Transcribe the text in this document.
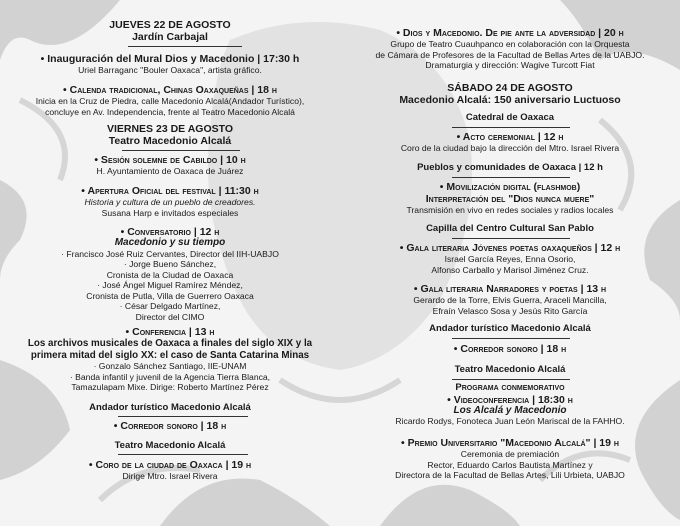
JUEVES 22 DE AGOSTO
Jardín Carbajal
• Inauguración del Mural Dios y Macedonio | 17:30 h
Uriel Barraganc "Bouler Oaxaca", artista gráfico.
• Calenda tradicional, Chinas Oaxaqueñas | 18 h
Inicia en la Cruz de Piedra, calle Macedonio Alcalá(Andador Turístico),
concluye en Av. Independencia, frente al Teatro Macedonio Alcalá
VIERNES 23 DE AGOSTO
Teatro Macedonio Alcalá
• Sesión solemne de Cabildo | 10 h
H. Ayuntamiento de Oaxaca de Juárez
• Apertura Oficial del festival | 11:30 h
Historia y cultura de un pueblo de creadores.
Susana Harp e invitados especiales
• Conversatorio | 12 h
Macedonio y su tiempo
· Francisco José Ruiz Cervantes, Director del IIH-UABJO
· Jorge Bueno Sánchez,
Cronista de la Ciudad de Oaxaca
· José Ángel Miguel Ramírez Méndez,
Cronista de Putla, Villa de Guerrero Oaxaca
· César Delgado Martínez,
Director del CIMO
• Conferencia | 13 h
Los archivos musicales de Oaxaca a finales del siglo XIX y la
primera mitad del siglo XX: el caso de Santa Catarina Minas
· Gonzalo Sánchez Santiago, IIE-UNAM
· Banda infantil y juvenil de la Agencia Tierra Blanca,
Tamazulapam Mixe. Dirige: Roberto Martínez Pérez
Andador turístico Macedonio Alcalá
• Corredor sonoro | 18 h
Teatro Macedonio Alcalá
• Coro de la ciudad de Oaxaca | 19 h
Dirige Mtro. Israel Rivera
• Dios y Macedonio. De pie ante la adversidad | 20 h
Grupo de Teatro Cuauhpanco en colaboración con la Orquesta
de Cámara de Profesores de la Facultad de Bellas Artes de la UABJO.
Dramaturgia y dirección: Wagive Turcott Fiat
SÁBADO 24 DE AGOSTO
Macedonio Alcalá: 150 aniversario Luctuoso
Catedral de Oaxaca
• Acto ceremonial | 12 h
Coro de la ciudad bajo la dirección del Mtro. Israel Rivera
Pueblos y comunidades de Oaxaca | 12 h
• Movilización digital (flashmob)
Interpretación del "Dios nunca muere"
Transmisión en vivo en redes sociales y radios locales
Capilla del Centro Cultural San Pablo
• Gala literaria Jóvenes poetas oaxaqueños | 12 h
Israel García Reyes, Enna Osorio,
Alfonso Carballo y Marisol Jiménez Cruz.
• Gala literaria Narradores y poetas | 13 h
Gerardo de la Torre, Elvis Guerra, Araceli Mancilla,
Efraín Velasco Sosa y Jesús Rito García
Andador turístico Macedonio Alcalá
• Corredor sonoro | 18 h
Teatro Macedonio Alcalá
Programa conmemorativo
• Videoconferencia | 18:30 h
Los Alcalá y Macedonio
Ricardo Rodys, Fonoteca Juan León Mariscal de la FAHHO.
• Premio Universitario "Macedonio Alcalá" | 19 h
Ceremonia de premiación
Rector, Eduardo Carlos Bautista Martínez y
Directora de la Facultad de Bellas Artes, Lili Urbieta, UABJO
